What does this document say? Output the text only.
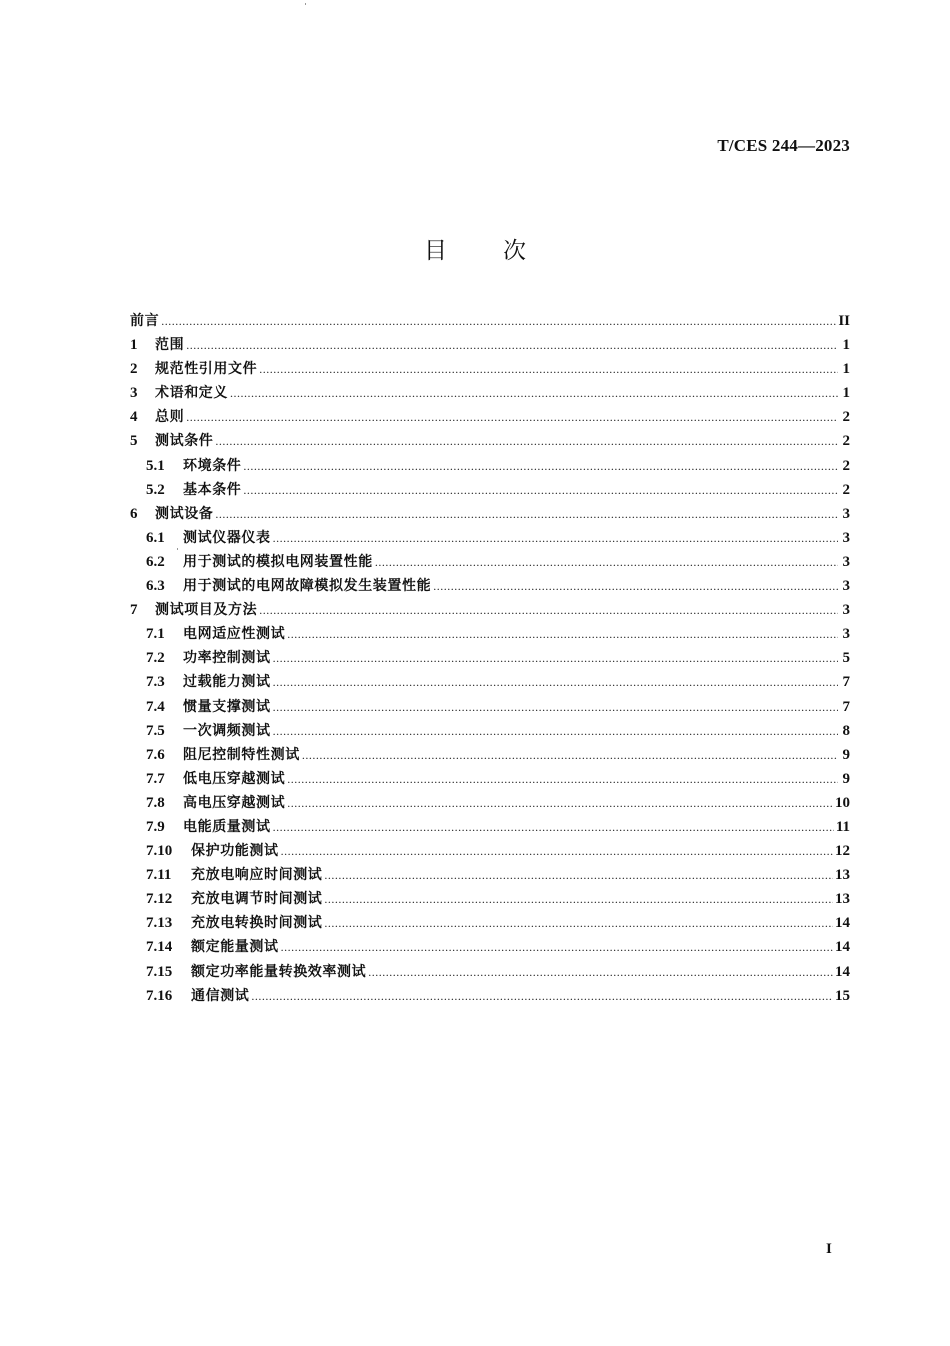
T/CES 244—2023
目 次
前言 .....	II
1	范围 .....	1
2	规范性引用文件 .....	1
3	术语和定义 .....	1
4	总则 .....	2
5	测试条件 .....	2
5.1	环境条件 .....	2
5.2	基本条件 .....	2
6	测试设备 .....	3
6.1	测试仪器仪表 .....	3
6.2	用于测试的模拟电网装置性能 .....	3
6.3	用于测试的电网故障模拟发生装置性能 .....	3
7	测试项目及方法 .....	3
7.1	电网适应性测试 .....	3
7.2	功率控制测试 .....	5
7.3	过载能力测试 .....	7
7.4	惯量支撑测试 .....	7
7.5	一次调频测试 .....	8
7.6	阻尼控制特性测试 .....	9
7.7	低电压穿越测试 .....	9
7.8	高电压穿越测试 .....	10
7.9	电能质量测试 .....	11
7.10	保护功能测试 .....	12
7.11	充放电响应时间测试 .....	13
7.12	充放电调节时间测试 .....	13
7.13	充放电转换时间测试 .....	14
7.14	额定能量测试 .....	14
7.15	额定功率能量转换效率测试 .....	14
7.16	通信测试 .....	15
I
